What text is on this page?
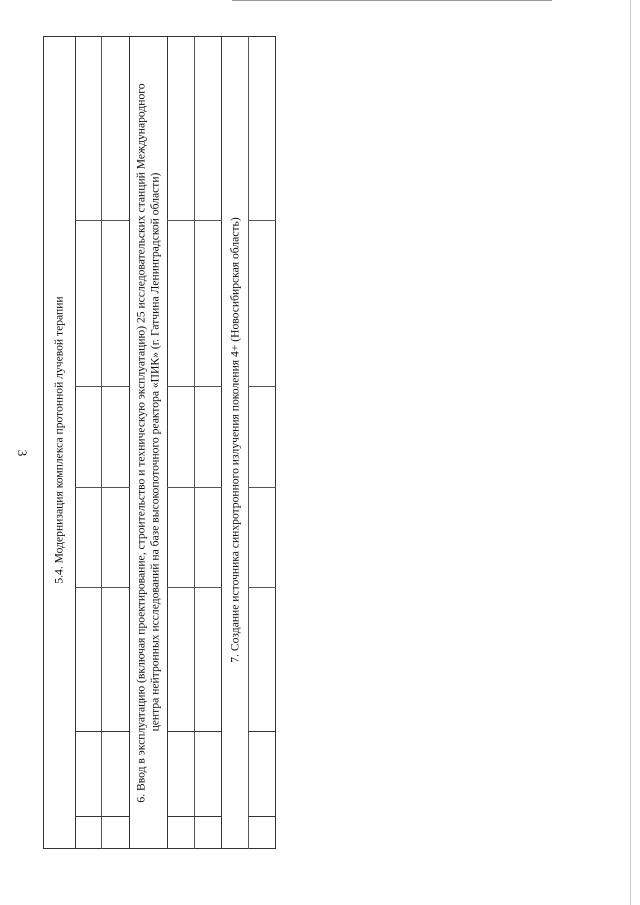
3 5.4. Модернизация комплекса протонной лучевой терапии	6. Ввод в эксплуатацию (включая проектирование, строительство и техническую эксплуатацию) 25 исследовательских станций Международного центра нейтронных исследований на базе высокопоточного реактора «ПИК» (г. Гатчина Ленинградской области)	7. Создание источника синхротронного излучения поколения 4+ (Новосибирская область)
